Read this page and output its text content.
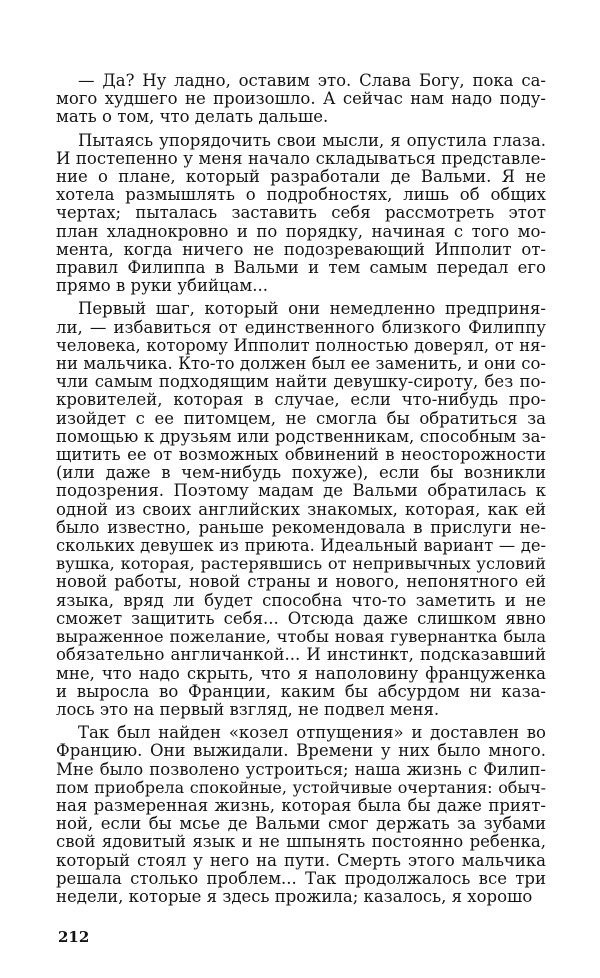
— Да? Ну ладно, оставим это. Слава Богу, пока са-
мого худшего не произошло. А сейчас нам надо поду-
мать о том, что делать дальше.

Пытаясь упорядочить свои мысли, я опустила глаза.
И постепенно у меня начало складываться представле-
ние о плане, который разработали де Вальми. Я не
хотела размышлять о подробностях, лишь об общих
чертах; пыталась заставить себя рассмотреть этот
план хладнокровно и по порядку, начиная с того мо-
мента, когда ничего не подозревающий Ипполит от-
правил Филиппа в Вальми и тем самым передал его
прямо в руки убийцам...

Первый шаг, который они немедленно предприня-
ли, — избавиться от единственного близкого Филиппу
человека, которому Ипполит полностью доверял, от ня-
ни мальчика. Кто-то должен был ее заменить, и они со-
чли самым подходящим найти девушку-сироту, без по-
кровителей, которая в случае, если что-нибудь про-
изойдет с ее питомцем, не смогла бы обратиться за
помощью к друзьям или родственникам, способным за-
щитить ее от возможных обвинений в неосторожности
(или даже в чем-нибудь похуже), если бы возникли
подозрения. Поэтому мадам де Вальми обратилась к
одной из своих английских знакомых, которая, как ей
было известно, раньше рекомендовала в прислуги не-
скольких девушек из приюта. Идеальный вариант — де-
вушка, которая, растерявшись от непривычных условий
новой работы, новой страны и нового, непонятного ей
языка, вряд ли будет способна что-то заметить и не
сможет защитить себя... Отсюда даже слишком явно
выраженное пожелание, чтобы новая гувернантка была
обязательно англичанкой... И инстинкт, подсказавший
мне, что надо скрыть, что я наполовину француженка
и выросла во Франции, каким бы абсурдом ни каза-
лось это на первый взгляд, не подвел меня.

Так был найден «козел отпущения» и доставлен во
Францию. Они выжидали. Времени у них было много.
Мне было позволено устроиться; наша жизнь с Филип-
пом приобрела спокойные, устойчивые очертания: обыч-
ная размеренная жизнь, которая была бы даже прият-
ной, если бы мсье де Вальми смог держать за зубами
свой ядовитый язык и не шпынять постоянно ребенка,
который стоял у него на пути. Смерть этого мальчика
решала столько проблем... Так продолжалось все три
недели, которые я здесь прожила; казалось, я хорошо

212
